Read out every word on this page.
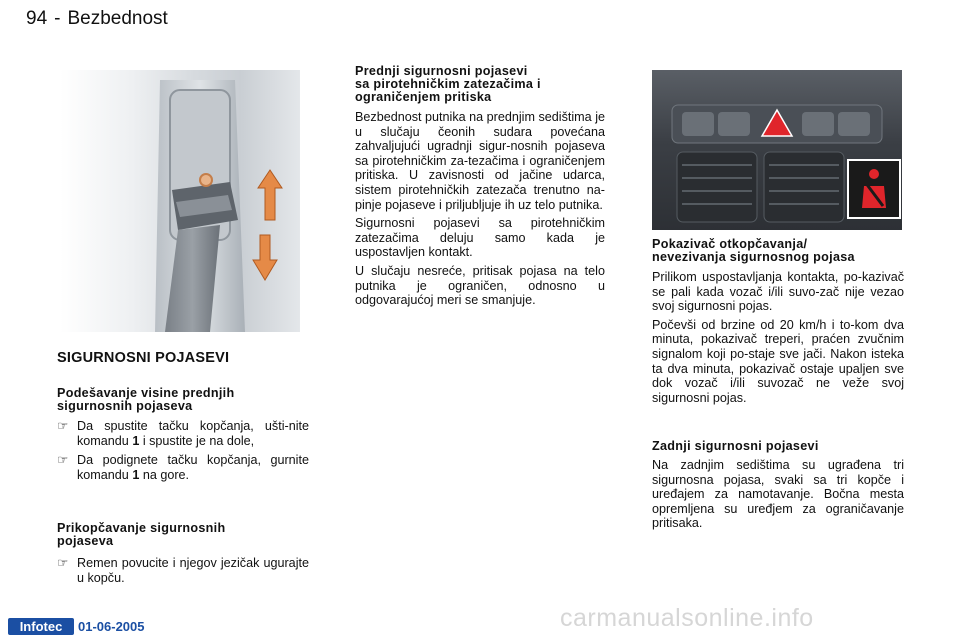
94 - Bezbednost
SIGURNOSNI POJASEVI
Podešavanje visine prednjih
sigurnosnih pojaseva
☞ Da spustite tačku kopčanja, ušti-nite komandu 1 i spustite je na dole,
☞ Da podignete tačku kopčanja, gurnite komandu 1 na gore.
Prikopčavanje sigurnosnih
pojaseva
☞ Remen povucite i njegov jezičak ugurajte u kopču.
Prednji sigurnosni pojasevi
sa pirotehničkim zatezačima i
ograničenjem pritiska

Bezbednost putnika na prednjim sedištima je u slučaju čeonih sudara povećana zahvaljujući ugradnji sigur-nosnih pojaseva sa pirotehničkim za-tezačima i ograničenjem pritiska. U zavisnosti od jačine udarca, sistem pirotehničkih zatezača trenutno na-pinje pojaseve i priljubljuje ih uz telo putnika.

Sigurnosni pojasevi sa pirotehničkim zatezačima deluju samo kada je uspostavljen kontakt.

U slučaju nesreće, pritisak pojasa na telo putnika je ograničen, odnosno u odgovarajućoj meri se smanjuje.

Pokazivač otkopčavanja/
nevezivanja sigurnosnog pojasa

Prilikom uspostavljanja kontakta, po-kazivač se pali kada vozač i/ili suvo-zač nije vezao svoj sigurnosni pojas.

Počevši od brzine od 20 km/h i to-kom dva minuta, pokazivač treperi, praćen zvučnim signalom koji po-staje sve jači. Nakon isteka ta dva minuta, pokazivač ostaje upaljen sve dok vozač i/ili suvozač ne veže svoj sigurnosni pojas.

Zadnji sigurnosni pojasevi

Na zadnjim sedištima su ugrađena tri sigurnosna pojasa, svaki sa tri kopče i uređajem za namotavanje. Bočna mesta opremljena su uređjem za ograničavanje pritisaka.

Infotec	01-06-2005	carmanualsonline.info
